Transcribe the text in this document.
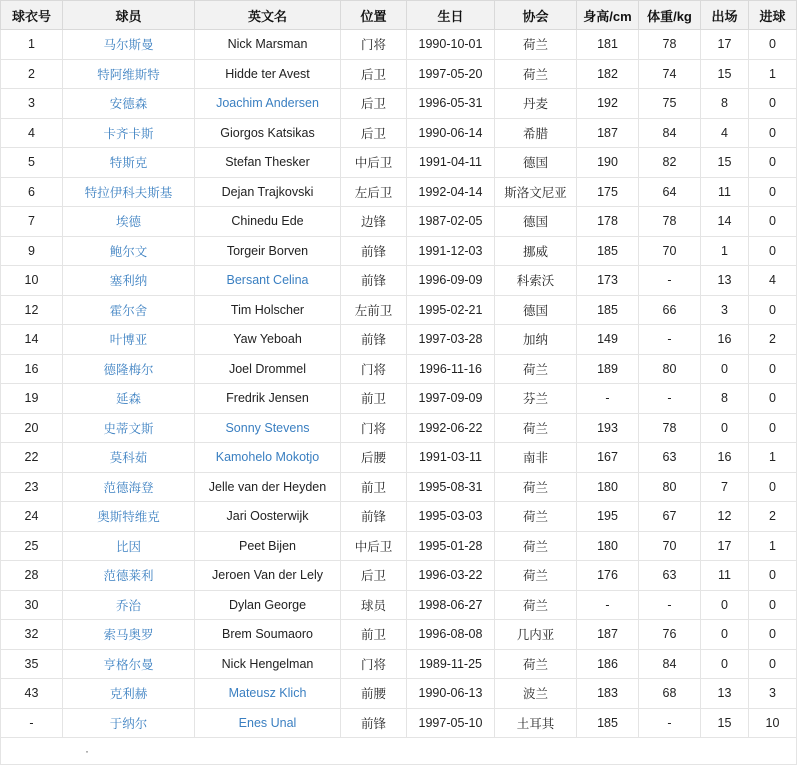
球衣号	球员	英文名	位置	生日	协会	身高/cm	体重/kg	出场	进球
1	马尔斯曼	Nick Marsman	门将	1990-10-01	荷兰	181	78	17	0
2	特阿维斯特	Hidde ter Avest	后卫	1997-05-20	荷兰	182	74	15	1
3	安德森	Joachim Andersen	后卫	1996-05-31	丹麦	192	75	8	0
4	卡齐卡斯	Giorgos Katsikas	后卫	1990-06-14	希腊	187	84	4	0
5	特斯克	Stefan Thesker	中后卫	1991-04-11	德国	190	82	15	0
6	特拉伊科夫斯基	Dejan Trajkovski	左后卫	1992-04-14	斯洛文尼亚	175	64	11	0
7	埃德	Chinedu Ede	边锋	1987-02-05	德国	178	78	14	0
9	鲍尔文	Torgeir Borven	前锋	1991-12-03	挪威	185	70	1	0
10	塞利纳	Bersant Celina	前锋	1996-09-09	科索沃	173	-	13	4
12	霍尔舍	Tim Holscher	左前卫	1995-02-21	德国	185	66	3	0
14	叶博亚	Yaw Yeboah	前锋	1997-03-28	加纳	149	-	16	2
16	德隆梅尔	Joel Drommel	门将	1996-11-16	荷兰	189	80	0	0
19	延森	Fredrik Jensen	前卫	1997-09-09	芬兰	-	-	8	0
20	史蒂文斯	Sonny Stevens	门将	1992-06-22	荷兰	193	78	0	0
22	莫科茹	Kamohelo Mokotjo	后腰	1991-03-11	南非	167	63	16	1
23	范德海登	Jelle van der Heyden	前卫	1995-08-31	荷兰	180	80	7	0
24	奥斯特维克	Jari Oosterwijk	前锋	1995-03-03	荷兰	195	67	12	2
25	比因	Peet Bijen	中后卫	1995-01-28	荷兰	180	70	17	1
28	范德莱利	Jeroen Van der Lely	后卫	1996-03-22	荷兰	176	63	11	0
30	乔治	Dylan George	球员	1998-06-27	荷兰	-	-	0	0
32	索马奥罗	Brem Soumaoro	前卫	1996-08-08	几内亚	187	76	0	0
35	亨格尔曼	Nick Hengelman	门将	1989-11-25	荷兰	186	84	0	0
43	克利赫	Mateusz Klich	前腰	1990-06-13	波兰	183	68	13	3
-	于纳尔	Enes Unal	前锋	1997-05-10	土耳其	185	-	15	10
·									
